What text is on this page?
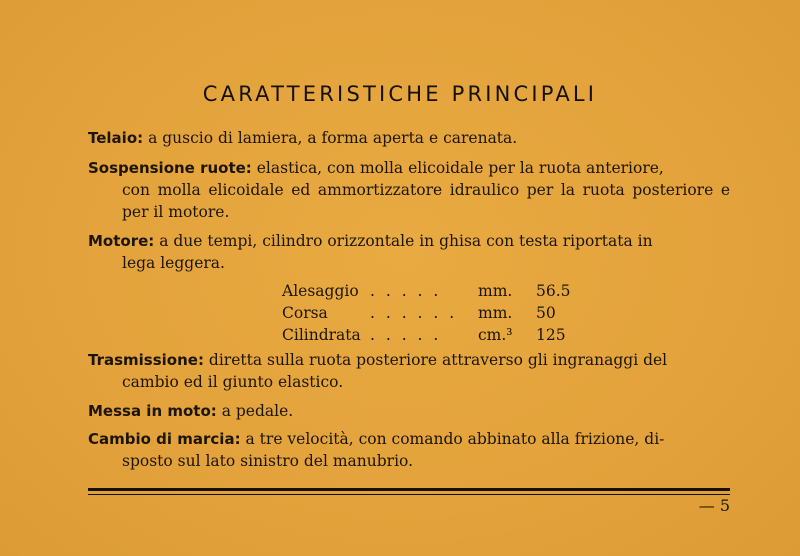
CARATTERISTICHE PRINCIPALI
Telaio: a guscio di lamiera, a forma aperta e carenata.
Sospensione ruote: elastica, con molla elicoidale per la ruota anteriore,
con molla elicoidale ed ammortizzatore idraulico per la ruota posteriore e per il motore.
Motore: a due tempi, cilindro orizzontale in ghisa con testa riportata in
lega leggera.
Alesaggio . . . . . mm. 56.5
Corsa	. . . . . . mm. 50
Cilindrata . . . . . cm.³ 125
Trasmissione: diretta sulla ruota posteriore attraverso gli ingranaggi del
cambio ed il giunto elastico.
Messa in moto: a pedale.
Cambio di marcia: a tre velocità, con comando abbinato alla frizione, di-
sposto sul lato sinistro del manubrio.
— 5
